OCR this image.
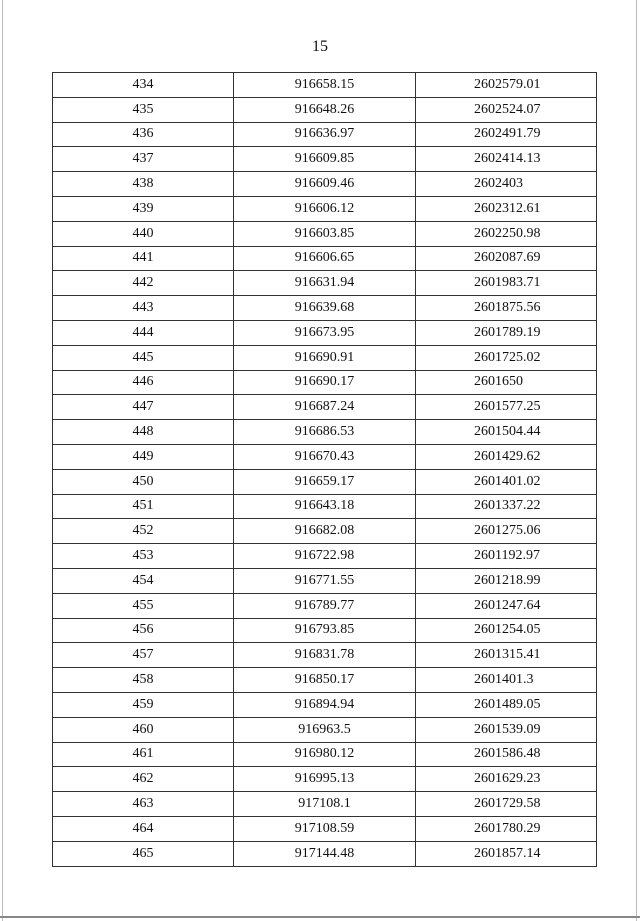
15
434	916658.15	2602579.01
435	916648.26	2602524.07
436	916636.97	2602491.79
437	916609.85	2602414.13
438	916609.46	2602403
439	916606.12	2602312.61
440	916603.85	2602250.98
441	916606.65	2602087.69
442	916631.94	2601983.71
443	916639.68	2601875.56
444	916673.95	2601789.19
445	916690.91	2601725.02
446	916690.17	2601650
447	916687.24	2601577.25
448	916686.53	2601504.44
449	916670.43	2601429.62
450	916659.17	2601401.02
451	916643.18	2601337.22
452	916682.08	2601275.06
453	916722.98	2601192.97
454	916771.55	2601218.99
455	916789.77	2601247.64
456	916793.85	2601254.05
457	916831.78	2601315.41
458	916850.17	2601401.3
459	916894.94	2601489.05
460	916963.5	2601539.09
461	916980.12	2601586.48
462	916995.13	2601629.23
463	917108.1	2601729.58
464	917108.59	2601780.29
465	917144.48	2601857.14
